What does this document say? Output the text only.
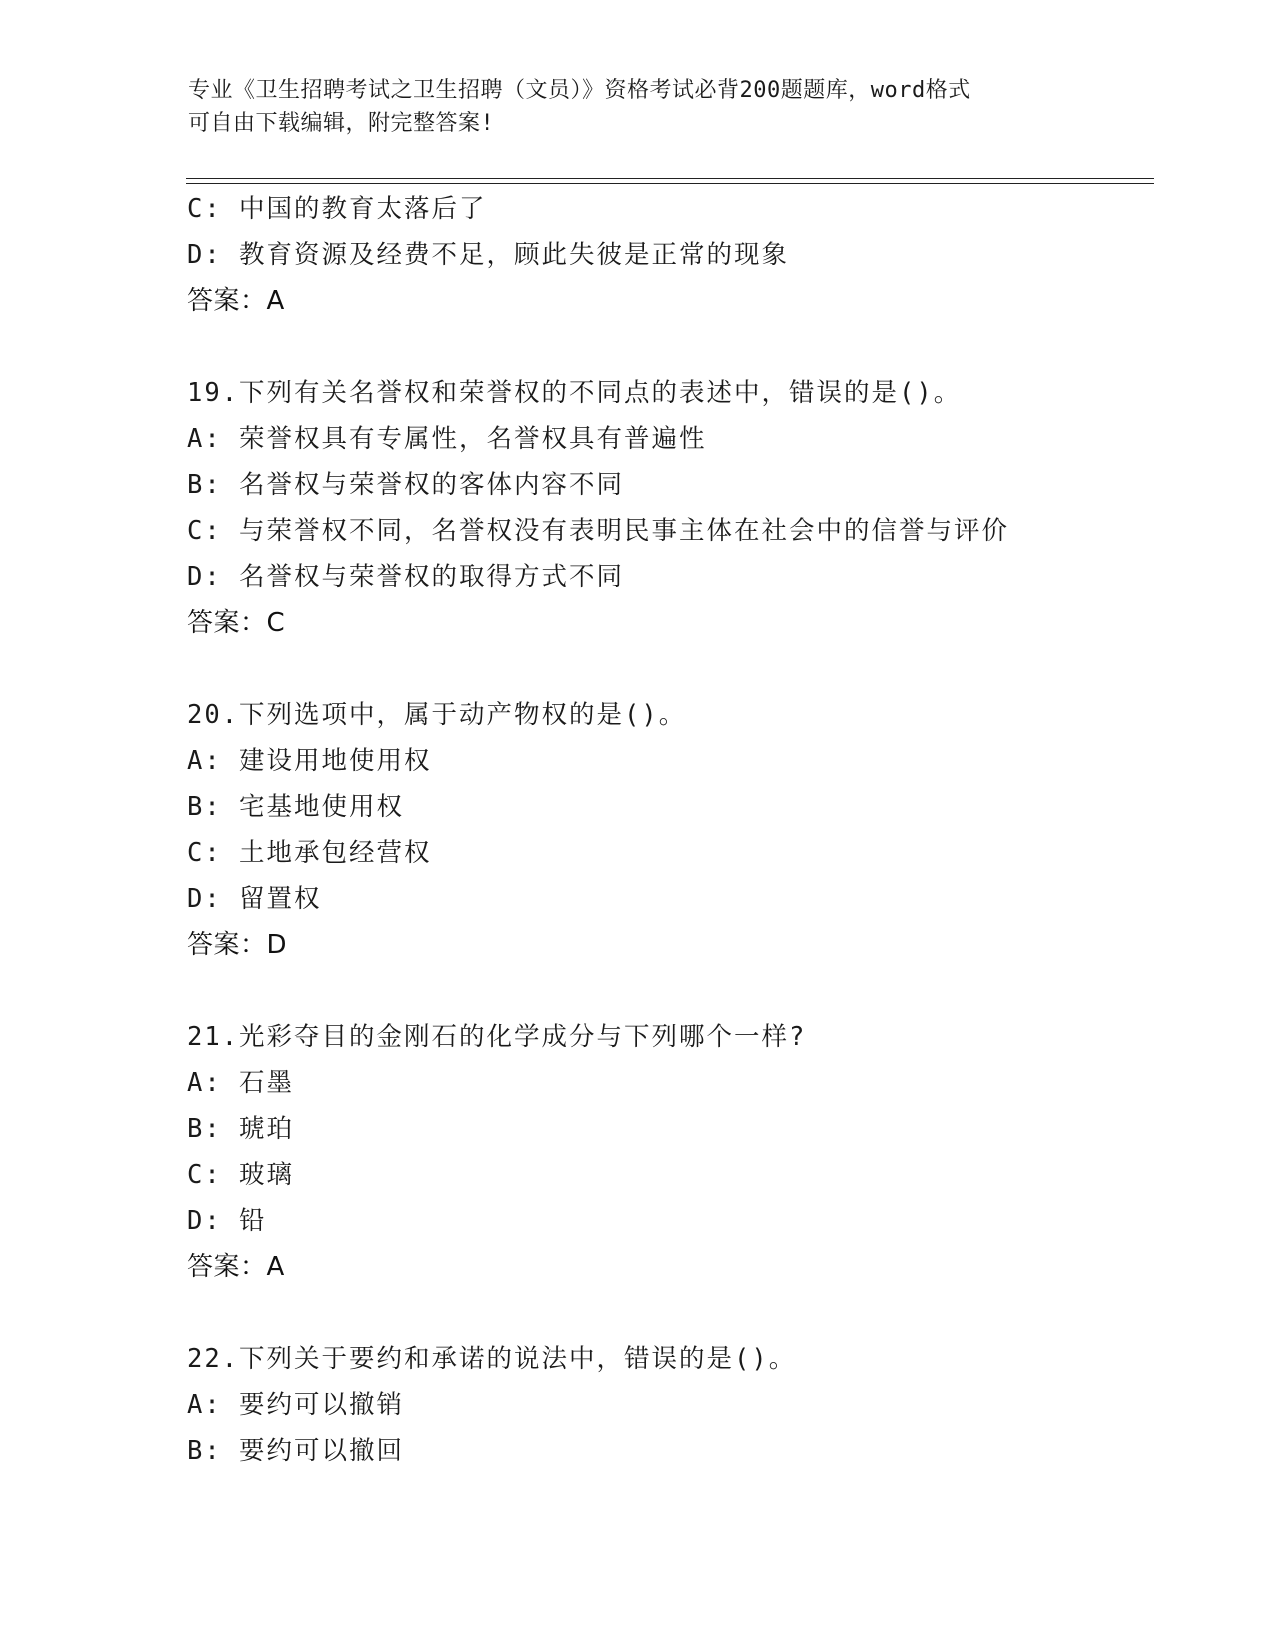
专业《卫生招聘考试之卫生招聘（文员）》资格考试必背200题题库，word格式
可自由下载编辑，附完整答案!
C: 中国的教育太落后了
D: 教育资源及经费不足，顾此失彼是正常的现象
答案：A
19.下列有关名誉权和荣誉权的不同点的表述中，错误的是()。
A: 荣誉权具有专属性，名誉权具有普遍性
B: 名誉权与荣誉权的客体内容不同
C: 与荣誉权不同，名誉权没有表明民事主体在社会中的信誉与评价
D: 名誉权与荣誉权的取得方式不同
答案：C
20.下列选项中，属于动产物权的是()。
A: 建设用地使用权
B: 宅基地使用权
C: 土地承包经营权
D: 留置权
答案：D
21.光彩夺目的金刚石的化学成分与下列哪个一样?
A: 石墨
B: 琥珀
C: 玻璃
D: 铅
答案：A
22.下列关于要约和承诺的说法中，错误的是()。
A: 要约可以撤销
B: 要约可以撤回
